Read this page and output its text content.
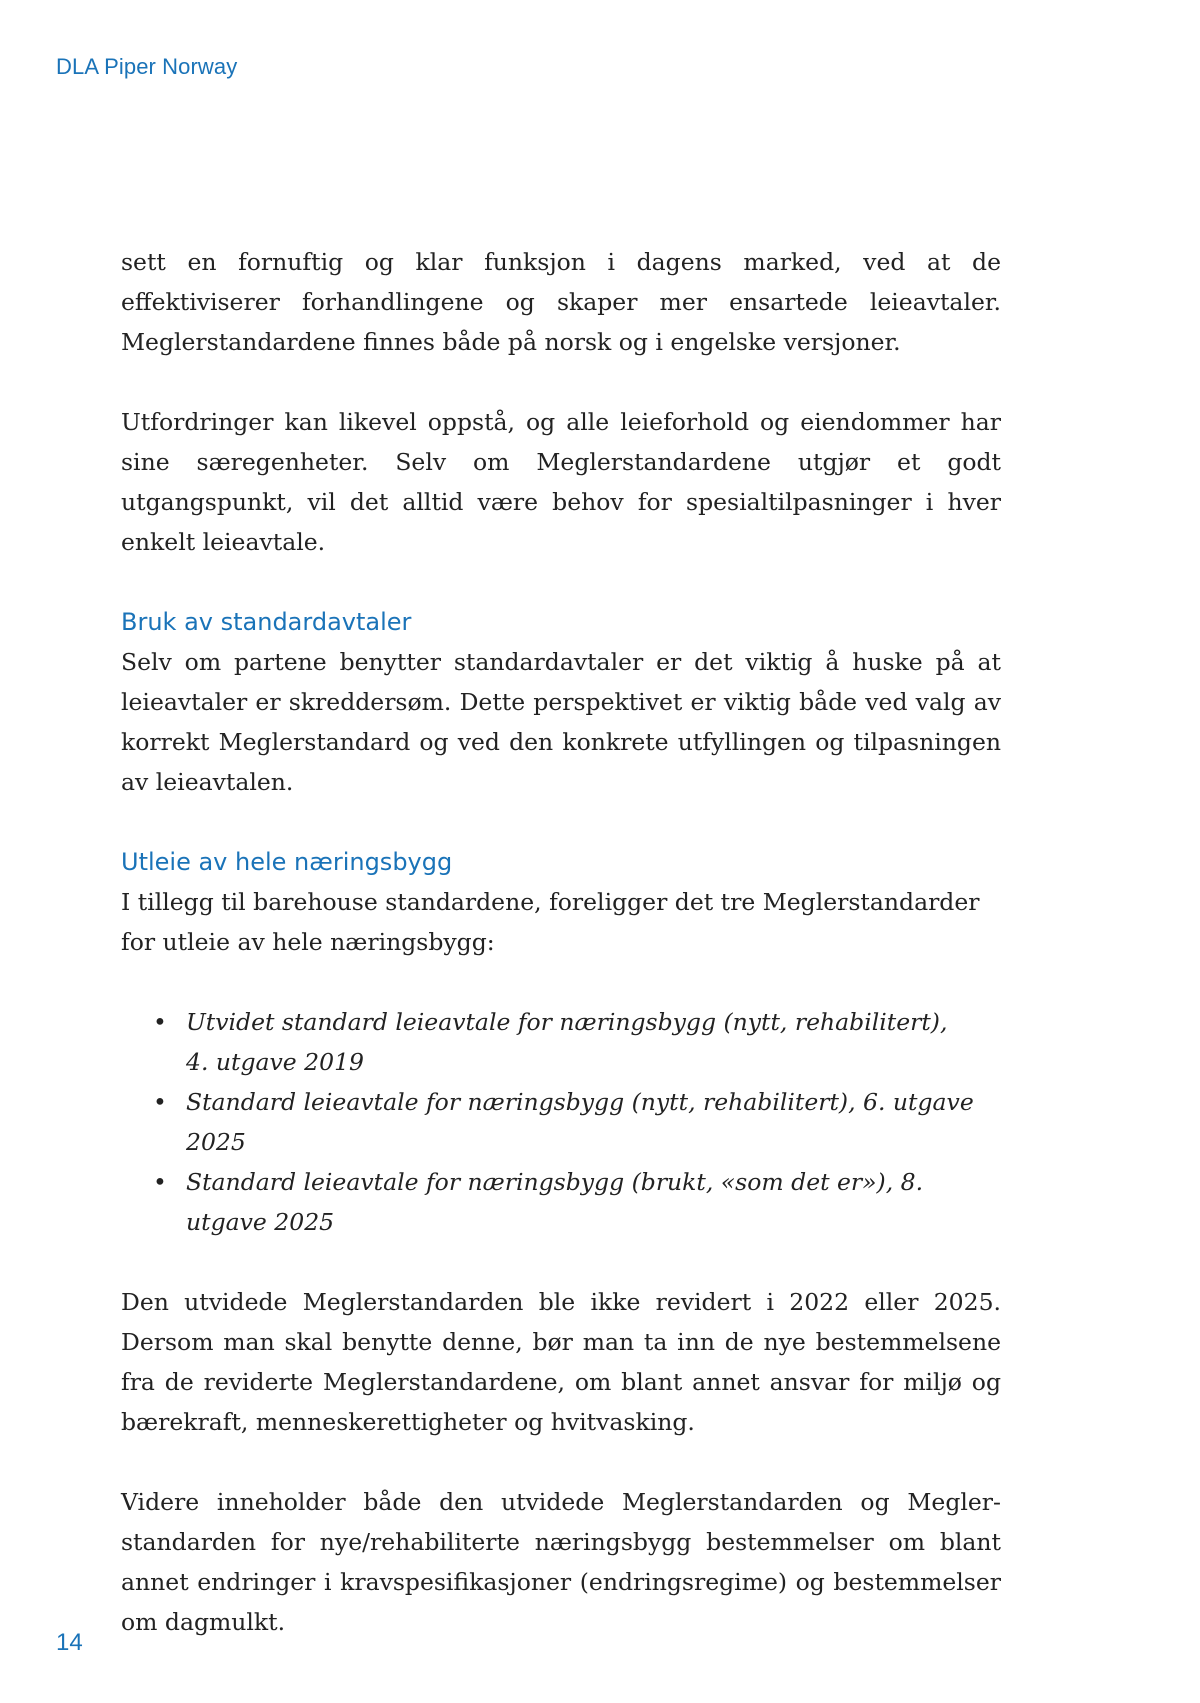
DLA Piper Norway

sett en fornuftig og klar funksjon i dagens marked, ved at de effektiviserer forhandlingene og skaper mer ensartede leieavtaler. Meglerstandardene finnes både på norsk og i engelske versjoner.

Utfordringer kan likevel oppstå, og alle leieforhold og eiendommer har sine særegenheter. Selv om Meglerstandardene utgjør et godt utgangspunkt, vil det alltid være behov for spesialtilpasninger i hver enkelt leieavtale.

Bruk av standardavtaler

Selv om partene benytter standardavtaler er det viktig å huske på at leieavtaler er skreddersøm. Dette perspektivet er viktig både ved valg av korrekt Meglerstandard og ved den konkrete utfyllingen og tilpasningen av leieavtalen.

Utleie av hele næringsbygg

I tillegg til barehouse standardene, foreligger det tre Meglerstandarder for utleie av hele næringsbygg:

• Utvidet standard leieavtale for næringsbygg (nytt, rehabilitert),
4. utgave 2019
• Standard leieavtale for næringsbygg (nytt, rehabilitert), 6. utgave 2025
• Standard leieavtale for næringsbygg (brukt, «som det er»), 8. utgave 2025

Den utvidede Meglerstandarden ble ikke revidert i 2022 eller 2025. Dersom man skal benytte denne, bør man ta inn de nye bestemmelsene fra de reviderte Meglerstandardene, om blant annet ansvar for miljø og bærekraft, menneskerettigheter og hvitvasking.

Videre inneholder både den utvidede Meglerstandarden og Meglerstandarden for nye/rehabiliterte næringsbygg bestemmelser om blant annet endringer i kravspesifikasjoner (endringsregime) og bestemmelser om dagmulkt.

14
